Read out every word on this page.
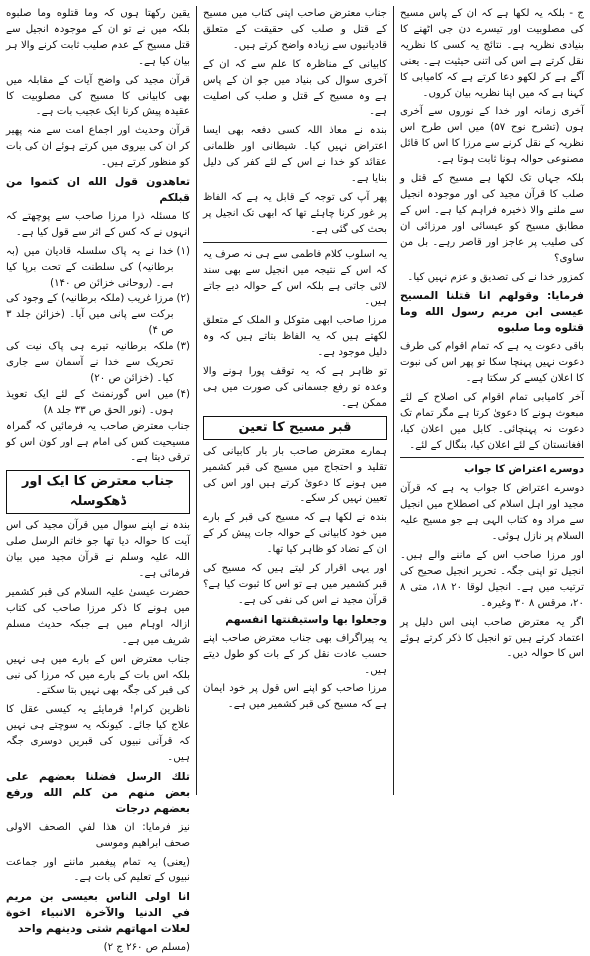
ج - بلکہ یہ لکھا ہے کہ ان کے پاس مسیح کی مصلوبیت اور تیسرے دن جی اٹھنے کا بنیادی نظریہ ہے۔ نتائج یہ کسی کا نظریہ نقل کرتے ہے اس کی اتنی حیثیت ہے۔ یعنی آگے ہے کر لکھو دعا کرتے ہے کہ کامیابی کا کہنا ہے کہ میں اپنا نظریہ بیان کروں۔

آخری زمانہ اور خدا کے نوروں سے آخری ہوں (تشرح نوح ۵۷) میں اس طرح اس نظریہ کے نقل کرنے سے مرزا کا اس کا قائل مصنوعی حوالہ ہونا ثابت ہوتا ہے۔

بلکہ جہاں تک لکھا ہے مسیح کے قتل و صلب کا قرآن مجید کی اور موجودہ انجیل سے ملنے والا ذخیرہ فراہم کیا ہے۔ اس کے مطابق مسیح کو عیسائی اور مرزائی ان کی صلیب پر عاجز اور قاصر رہے۔ بل من ساوی؟

کمزور خدا نے کی تصدیق و عزم نہیں کیا۔

فرمایا: وقولهم انا قتلنا المسيح عيسى ابن مريم رسول الله وما قتلوه وما صلبوه

باقی دعوت یہ ہے کہ تمام اقوام کی طرف دعوت نہیں پہنچا سکا تو پھر اس کی نبوت کا اعلان کیسے کر سکتا ہے۔

آخر کامیابی تمام اقوام کی اصلاح کے لئے مبعوث ہونے کا دعویٰ کرتا ہے مگر تمام تک دعوت نہ پہنچائی۔ کابل میں اعلان کیا، افغانستان کے لئے اعلان کیا، بنگال کے لئے۔

دوسرے اعتراض کا جواب

دوسرے اعتراض کا جواب یہ ہے کہ قرآن مجید اور اہل اسلام کی اصطلاح میں انجیل سے مراد وہ کتاب الہی ہے جو مسیح علیہ السلام پر نازل ہوئی۔

اور مرزا صاحب اس کے ماننے والے ہیں۔ انجیل تو اپنی جگہ۔ تحریر انجیل صحیح کی ترتیب میں ہے۔ انجیل لوقا ۲۰ ۱۸، متی ۸ ۲۰، مرقس ۸ ۳۰ وغیرہ۔

اگر یہ معترض صاحب اپنی اس دلیل پر اعتماد کرتے ہیں تو انجیل کا ذکر کرتے ہوئے اس کا حوالہ دیں۔

جناب معترض صاحب اپنی کتاب میں مسیح کے قتل و صلب کی حقیقت کے متعلق قادیانیوں سے زیادہ واضح کرتے ہیں۔

کابیانی کے مناظرہ کا علم سے کہ ان کے آخری سوال کی بنیاد میں جو ان کے پاس ہے وہ مسیح کے قتل و صلب کی اصلیت ہے۔

بندہ نے معاذ اللہ کسی دفعہ بھی ایسا اعتراض نہیں کیا۔ شیطانی اور ظلمانی عقائد کو خدا نے اس کے لئے کفر کی دلیل بنایا ہے۔

پھر آپ کی توجہ کے قابل یہ ہے کہ الفاظ پر غور کرنا چاہئے تھا کہ ابھی تک انجیل پر بحث کی گئی ہے۔

یہ اسلوب کلام فاطمی سے ہی نہ صرف یہ کہ اس کے نتیجہ میں انجیل سے بھی سند لائی جاتی ہے بلکہ اس کے حوالہ دیے جاتے ہیں۔

مرزا صاحب ابھی متوکل و الملک کے متعلق لکھتے ہیں کہ یہ الفاظ بتاتے ہیں کہ وہ دلیل موجود ہے۔

تو ظاہر ہے کہ یہ توقف پورا ہونے والا وعدہ تو رفع جسمانی کی صورت میں ہی ممکن ہے۔

قبر مسیح کا تعین

ہمارے معترض صاحب بار بار کابیانی کی تقلید و احتجاج میں مسیح کی قبر کشمیر میں ہونے کا دعویٰ کرتے ہیں اور اس کی تعیین نہیں کر سکے۔

بندہ نے لکھا ہے کہ مسیح کی قبر کے بارے میں خود کابیانی کے حوالہ جات پیش کر کے ان کے تضاد کو ظاہر کیا تھا۔

اور یہی اقرار کر لیتے ہیں کہ مسیح کی قبر کشمیر میں ہے تو اس کا ثبوت کیا ہے؟ قرآن مجید نے اس کی نفی کی ہے۔

وجعلوا بها واستيقنتها انفسهم

یہ پیراگراف بھی جناب معترض صاحب اپنے حسب عادت نقل کر کے بات کو طول دیتے ہیں۔

مرزا صاحب کو اپنے اس قول پر خود ایمان ہے کہ مسیح کی قبر کشمیر میں ہے۔

یقین رکھتا ہوں کہ وما قتلوه وما صلبوه بلکہ میں نے تو ان کے موجودہ انجیل سے قتل مسیح کے عدم صلیب ثابت کرنے والا ہر بیان کیا ہے۔

قرآن مجید کی واضح آیات کے مقابلہ میں بھی کابیانی کا مسیح کی مصلوبیت کا عقیدہ پیش کرنا ایک عجیب بات ہے۔

قرآن وحدیث اور اجماع امت سے منہ پھیر کر ان کی بیروی میں کرتے ہوئے ان کی بات کو منظور کرتے ہیں۔

تعاهدون قول الله ان كتموا من قبلكم

کا مسئلہ ذرا مرزا صاحب سے پوچھتے کہ انہوں نے کہ کس کے اثر سے قول کیا ہے۔

(۱)
خدا نے یہ پاک سلسلہ قادیان میں (بہ برطانیہ) کی سلطنت کے تحت برپا کیا ہے۔ (روحانی خزائن ص ۱۴۰)
(۲)
مرزا غریب (ملکہ برطانیہ) کے وجود کی برکت سے پانی میں آیا۔ (خزائن جلد ۳ ص ۴)
(۳)
ملکہ برطانیہ تیرے ہی پاک نیت کی تحریک سے خدا نے آسمان سے جاری کیا۔ (خزائن ص ۲۰)
(۴)
میں اس گورنمنٹ کے لئے ایک تعویذ ہوں۔ (نور الحق ص ۳۳ جلد ۸)

جناب معترض صاحب یہ فرمائیں کہ گمراہ مسیحیت کس کی امام ہے اور کون اس کو ترقی دیتا ہے۔

جناب معترض کا ایک اور ڈھکوسلہ

بندہ نے اپنے سوال میں قرآن مجید کی اس آیت کا حوالہ دیا تھا جو خاتم الرسل صلی اللہ علیہ وسلم نے قرآن مجید میں بیان فرمائی ہے۔

حضرت عیسیٰ علیہ السلام کی قبر کشمیر میں ہونے کا ذکر مرزا صاحب کی کتاب ازالہ اوہام میں ہے جبکہ حدیث مسلم شریف میں ہے۔

جناب معترض اس کے بارے میں ہی نہیں بلکہ اس بات کے بارے میں کہ مرزا کی نبی کی قبر کی جگہ بھی نہیں بتا سکتے۔

ناظرین کرام! فرمایئے یہ کیسی عقل کا علاج کیا جائے۔ کیونکہ یہ سوچتے ہی نہیں کہ قرآنی نبیوں کی قبریں دوسری جگہ ہیں۔

تلك الرسل فضلنا بعضهم على بعض منهم من كلم الله ورفع بعضهم درجات

نیز فرمایا: ان هذا لفي الصحف الاولى صحف ابراهيم وموسى

(یعنی) یہ تمام پیغمبر ماننے اور جماعت نبیوں کے تعلیم کی بات ہے۔

انا اولى الناس بعيسى بن مريم في الدنيا والآخرة الانبياء اخوة لعلات امهاتهم شتى ودينهم واحد

(مسلم ص ۲۶۰ ج ۲)
